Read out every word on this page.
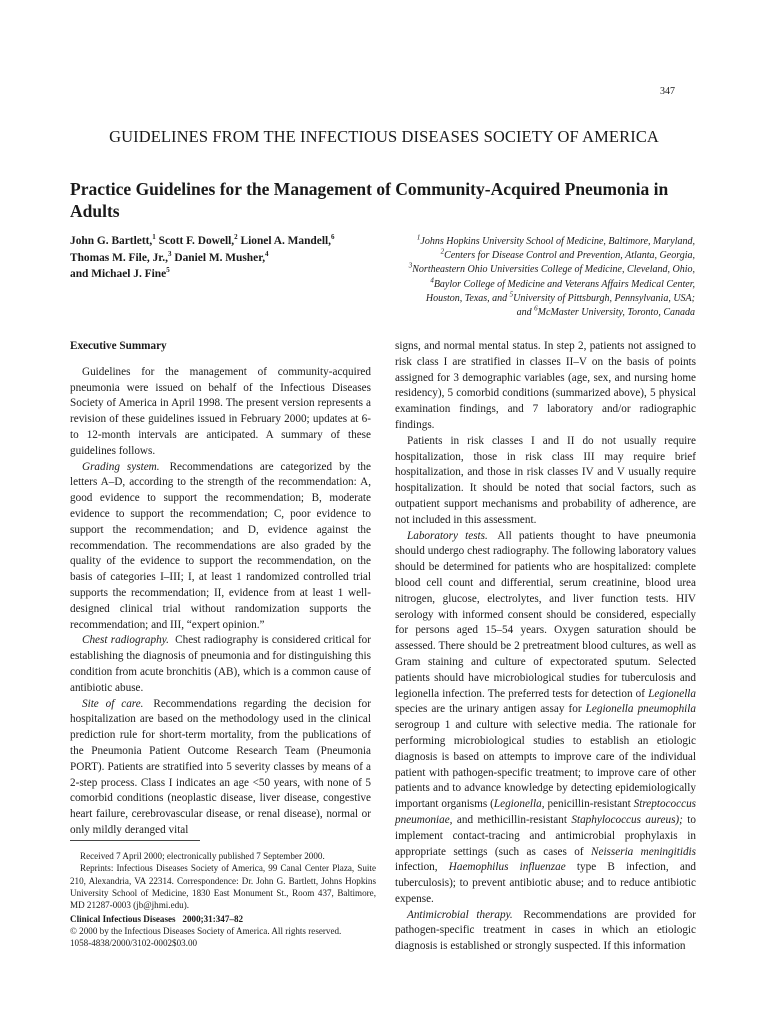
347
GUIDELINES FROM THE INFECTIOUS DISEASES SOCIETY OF AMERICA
Practice Guidelines for the Management of Community-Acquired Pneumonia in Adults
John G. Bartlett,$^1$ Scott F. Dowell,$^2$ Lionel A. Mandell,$^6$
Thomas M. File, Jr.,$^3$ Daniel M. Musher,$^4$
and Michael J. Fine$^5$
$^1$Johns Hopkins University School of Medicine, Baltimore, Maryland,
$^2$Centers for Disease Control and Prevention, Atlanta, Georgia,
$^3$Northeastern Ohio Universities College of Medicine, Cleveland, Ohio,
$^4$Baylor College of Medicine and Veterans Affairs Medical Center,
Houston, Texas, and $^5$University of Pittsburgh, Pennsylvania, USA;
and $^6$McMaster University, Toronto, Canada

Executive Summary

Guidelines for the management of community-acquired pneumonia were issued on behalf of the Infectious Diseases Society of America in April 1998. The present version represents a revision of these guidelines issued in February 2000; updates at 6- to 12-month intervals are anticipated. A summary of these guidelines follows.

Grading system. Recommendations are categorized by the letters A–D, according to the strength of the recommendation: A, good evidence to support the recommendation; B, moderate evidence to support the recommendation; C, poor evidence to support the recommendation; and D, evidence against the recommendation. The recommendations are also graded by the quality of the evidence to support the recommendation, on the basis of categories I–III; I, at least 1 randomized controlled trial supports the recommendation; II, evidence from at least 1 well-designed clinical trial without randomization supports the recommendation; and III, “expert opinion.”

Chest radiography. Chest radiography is considered critical for establishing the diagnosis of pneumonia and for distinguishing this condition from acute bronchitis (AB), which is a common cause of antibiotic abuse.

Site of care. Recommendations regarding the decision for hospitalization are based on the methodology used in the clinical prediction rule for short-term mortality, from the publications of the Pneumonia Patient Outcome Research Team (Pneumonia PORT). Patients are stratified into 5 severity classes by means of a 2-step process. Class I indicates an age <50 years, with none of 5 comorbid conditions (neoplastic disease, liver disease, congestive heart failure, cerebrovascular disease, or renal disease), normal or only mildly deranged vital

signs, and normal mental status. In step 2, patients not assigned to risk class I are stratified in classes II–V on the basis of points assigned for 3 demographic variables (age, sex, and nursing home residency), 5 comorbid conditions (summarized above), 5 physical examination findings, and 7 laboratory and/or radiographic findings.

Patients in risk classes I and II do not usually require hospitalization, those in risk class III may require brief hospitalization, and those in risk classes IV and V usually require hospitalization. It should be noted that social factors, such as outpatient support mechanisms and probability of adherence, are not included in this assessment.

Laboratory tests. All patients thought to have pneumonia should undergo chest radiography. The following laboratory values should be determined for patients who are hospitalized: complete blood cell count and differential, serum creatinine, blood urea nitrogen, glucose, electrolytes, and liver function tests. HIV serology with informed consent should be considered, especially for persons aged 15–54 years. Oxygen saturation should be assessed. There should be 2 pretreatment blood cultures, as well as Gram staining and culture of expectorated sputum. Selected patients should have microbiological studies for tuberculosis and legionella infection. The preferred tests for detection of Legionella species are the urinary antigen assay for Legionella pneumophila serogroup 1 and culture with selective media. The rationale for performing microbiological studies to establish an etiologic diagnosis is based on attempts to improve care of the individual patient with pathogen-specific treatment; to improve care of other patients and to advance knowledge by detecting epidemiologically important organisms (Legionella, penicillin-resistant Streptococcus pneumoniae, and methicillin-resistant Staphylococcus aureus); to implement contact-tracing and antimicrobial prophylaxis in appropriate settings (such as cases of Neisseria meningitidis infection, Haemophilus influenzae type B infection, and tuberculosis); to prevent antibiotic abuse; and to reduce antibiotic expense.

Antimicrobial therapy. Recommendations are provided for pathogen-specific treatment in cases in which an etiologic diagnosis is established or strongly suspected. If this information

Received 7 April 2000; electronically published 7 September 2000.

Reprints: Infectious Diseases Society of America, 99 Canal Center Plaza, Suite 210, Alexandria, VA 22314. Correspondence: Dr. John G. Bartlett, Johns Hopkins University School of Medicine, 1830 East Monument St., Room 437, Baltimore, MD 21287-0003 (jb@jhmi.edu).

Clinical Infectious Diseases 2000;31:347–82
© 2000 by the Infectious Diseases Society of America. All rights reserved.
1058-4838/2000/3102-0002$03.00
